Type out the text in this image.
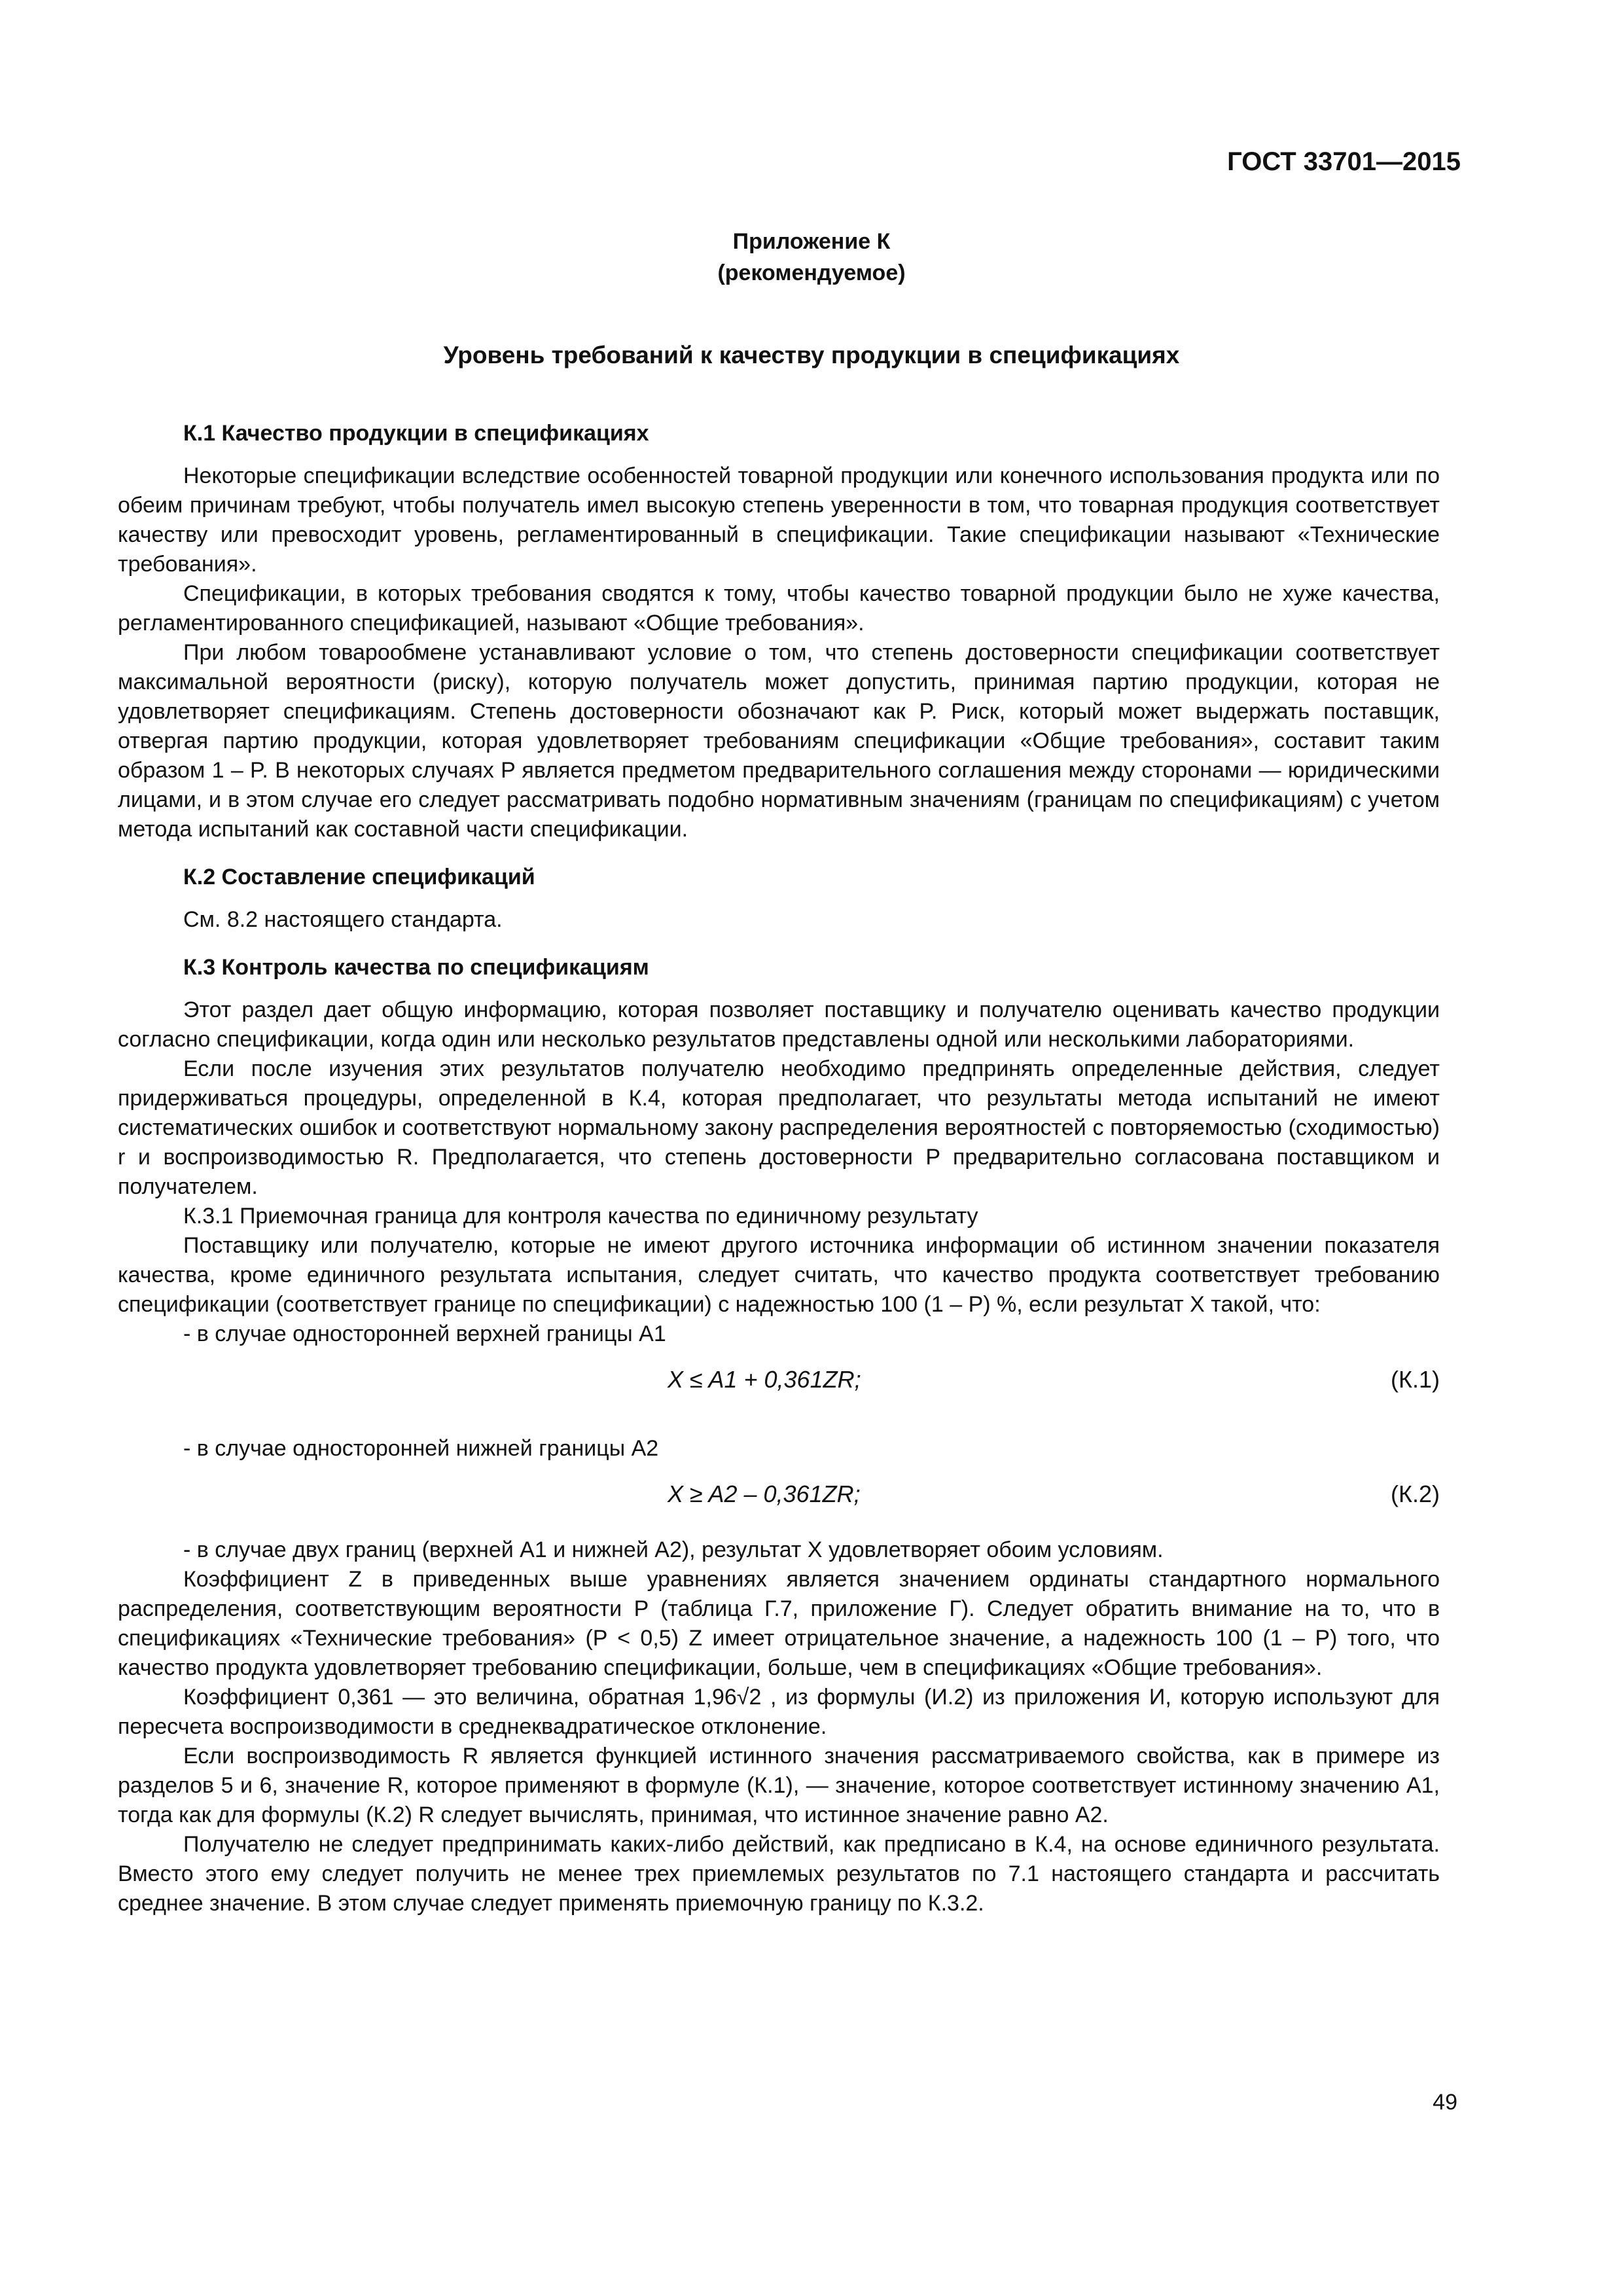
ГОСТ 33701—2015
Приложение К
(рекомендуемое)
Уровень требований к качеству продукции в спецификациях
К.1 Качество продукции в спецификациях

Некоторые спецификации вследствие особенностей товарной продукции или конечного использования продукта или по обеим причинам требуют, чтобы получатель имел высокую степень уверенности в том, что товарная продукция соответствует качеству или превосходит уровень, регламентированный в спецификации. Такие спецификации называют «Технические требования».

Спецификации, в которых требования сводятся к тому, чтобы качество товарной продукции было не хуже качества, регламентированного спецификацией, называют «Общие требования».

При любом товарообмене устанавливают условие о том, что степень достоверности спецификации соответствует максимальной вероятности (риску), которую получатель может допустить, принимая партию продукции, которая не удовлетворяет спецификациям. Степень достоверности обозначают как P. Риск, который может выдержать поставщик, отвергая партию продукции, которая удовлетворяет требованиям спецификации «Общие требования», составит таким образом 1 – P. В некоторых случаях P является предметом предварительного соглашения между сторонами — юридическими лицами, и в этом случае его следует рассматривать подобно нормативным значениям (границам по спецификациям) с учетом метода испытаний как составной части спецификации.

К.2 Составление спецификаций

См. 8.2 настоящего стандарта.

К.3 Контроль качества по спецификациям

Этот раздел дает общую информацию, которая позволяет поставщику и получателю оценивать качество продукции согласно спецификации, когда один или несколько результатов представлены одной или несколькими лабораториями.

Если после изучения этих результатов получателю необходимо предпринять определенные действия, следует придерживаться процедуры, определенной в К.4, которая предполагает, что результаты метода испытаний не имеют систематических ошибок и соответствуют нормальному закону распределения вероятностей с повторяемостью (сходимостью) r и воспроизводимостью R. Предполагается, что степень достоверности P предварительно согласована поставщиком и получателем.

К.3.1 Приемочная граница для контроля качества по единичному результату

Поставщику или получателю, которые не имеют другого источника информации об истинном значении показателя качества, кроме единичного результата испытания, следует считать, что качество продукта соответствует требованию спецификации (соответствует границе по спецификации) с надежностью 100 (1 – P) %, если результат X такой, что:

- в случае односторонней верхней границы A1

X ≤ A1 + 0,361ZR;	(К.1)

- в случае односторонней нижней границы A2

X ≥ A2 – 0,361ZR;	(К.2)

- в случае двух границ (верхней A1 и нижней A2), результат X удовлетворяет обоим условиям.

Коэффициент Z в приведенных выше уравнениях является значением ординаты стандартного нормального распределения, соответствующим вероятности P (таблица Г.7, приложение Г). Следует обратить внимание на то, что в спецификациях «Технические требования» (P < 0,5) Z имеет отрицательное значение, а надежность 100 (1 – P) того, что качество продукта удовлетворяет требованию спецификации, больше, чем в спецификациях «Общие требования».

Коэффициент 0,361 — это величина, обратная 1,96√2 , из формулы (И.2) из приложения И, которую используют для пересчета воспроизводимости в среднеквадратическое отклонение.

Если воспроизводимость R является функцией истинного значения рассматриваемого свойства, как в примере из разделов 5 и 6, значение R, которое применяют в формуле (К.1), — значение, которое соответствует истинному значению A1, тогда как для формулы (К.2) R следует вычислять, принимая, что истинное значение равно A2.

Получателю не следует предпринимать каких-либо действий, как предписано в К.4, на основе единичного результата. Вместо этого ему следует получить не менее трех приемлемых результатов по 7.1 настоящего стандарта и рассчитать среднее значение. В этом случае следует применять приемочную границу по К.3.2.

49
